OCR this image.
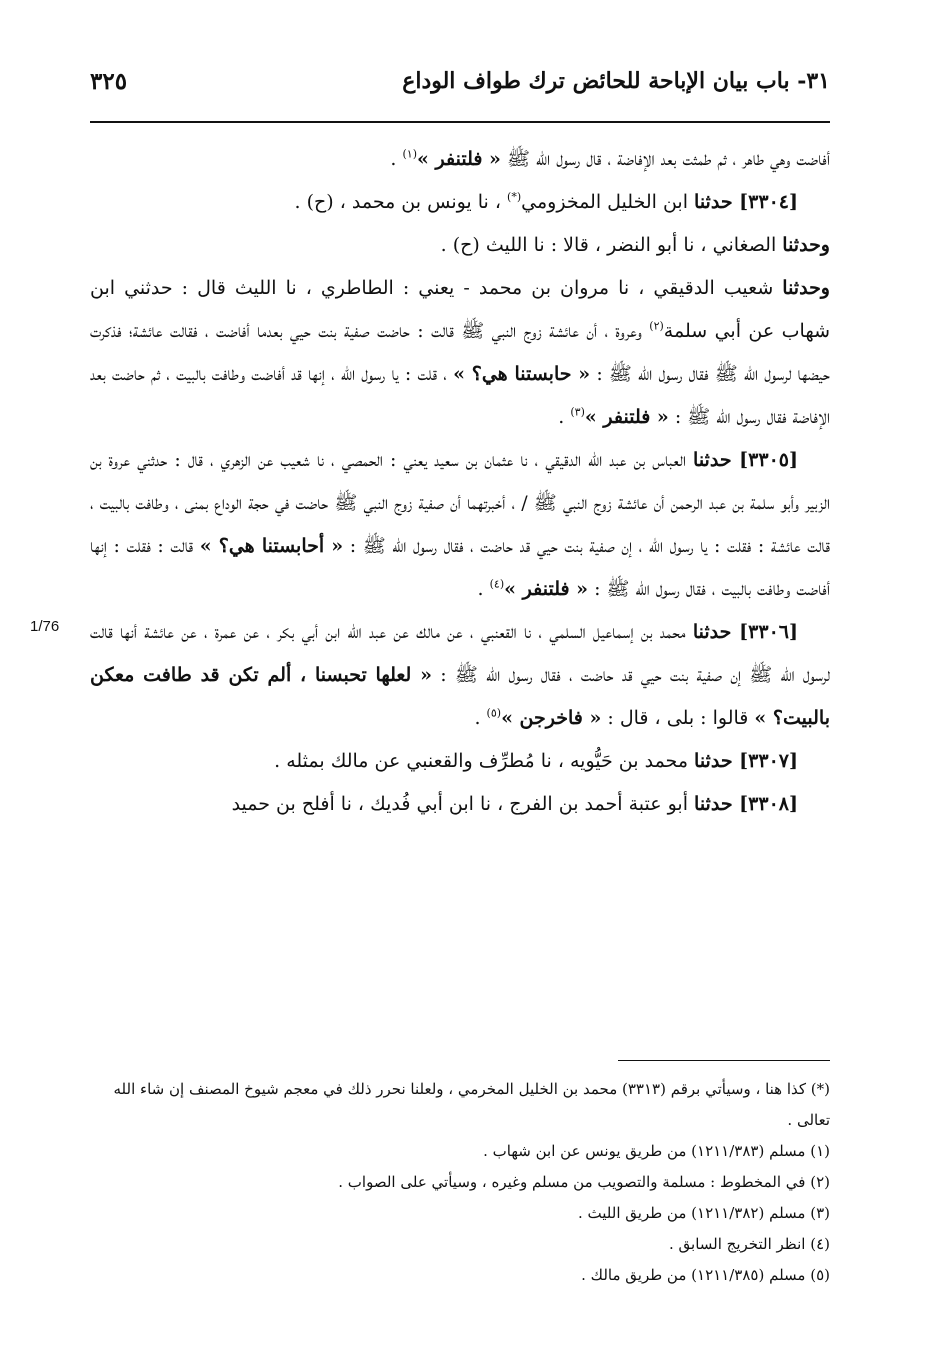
٣١- باب بيان الإباحة للحائض ترك طواف الوداع
٣٢٥
1/76

أفاضت وهي طاهر ، ثم طمثت بعد الإفاضة ، قال رسول الله ﷺ « فلتنفر »$^{(١)}$ .

[٣٣٠٤] حدثنا ابن الخليل المخزومي(*) ، نا يونس بن محمد ، (ح) .

وحدثنا الصغاني ، نا أبو النضر ، قالا : نا الليث (ح) .

وحدثنا شعيب الدقيقي ، نا مروان بن محمد - يعني : الطاطري ، نا الليث قال : حدثني ابن شهاب عن أبي سلمة$^{(٢)}$ وعروة ، أن عائشة زوج النبي ﷺ قالت : حاضت صفية بنت حيي بعدما أفاضت ، فقالت عائشة؛ فذكرت حيضها لرسول الله ﷺ فقال رسول الله ﷺ : « حابستنا هي؟ » ، قلت : يا رسول الله ، إنها قد أفاضت وطافت بالبيت ، ثم حاضت بعد الإفاضة فقال رسول الله ﷺ : « فلتنفر »$^{(٣)}$ .

[٣٣٠٥] حدثنا العباس بن عبد الله الدقيقي ، نا عثمان بن سعيد يعني : الحمصي ، نا شعيب عن الزهري ، قال : حدثني عروة بن الزبير وأبو سلمة بن عبد الرحمن أن عائشة زوج النبي ﷺ / ، أخبرتهما أن صفية زوج النبي ﷺ حاضت في حجة الوداع بمنى ، وطافت بالبيت ، قالت عائشة : فقلت : يا رسول الله ، إن صفية بنت حيي قد حاضت ، فقال رسول الله ﷺ : « أحابستنا هي؟ » قالت : فقلت : إنها أفاضت وطافت بالبيت ، فقال رسول الله ﷺ : « فلتنفر »$^{(٤)}$ .

[٣٣٠٦] حدثنا محمد بن إسماعيل السلمي ، نا القعنبي ، عن مالك عن عبد الله ابن أبي بكر ، عن عمرة ، عن عائشة أنها قالت لرسول الله ﷺ إن صفية بنت حيي قد حاضت ، فقال رسول الله ﷺ : « لعلها تحبسنا ، ألم تكن قد طافت معكن بالبيت؟ » قالوا : بلى ، قال : « فاخرجن »$^{(٥)}$ .

[٣٣٠٧] حدثنا محمد بن حَيُّويه ، نا مُطرِّف والقعنبي عن مالك بمثله .

[٣٣٠٨] حدثنا أبو عتبة أحمد بن الفرج ، نا ابن أبي فُديك ، نا أفلح بن حميد

(*) كذا هنا ، وسيأتي برقم (٣٣١٣) محمد بن الخليل المخرمي ، ولعلنا نحرر ذلك في معجم شيوخ المصنف إن شاء الله تعالى .

(١) مسلم (١٢١١/٣٨٣) من طريق يونس عن ابن شهاب .

(٢) في المخطوط : مسلمة والتصويب من مسلم وغيره ، وسيأتي على الصواب .

(٣) مسلم (١٢١١/٣٨٢) من طريق الليث .

(٤) انظر التخريج السابق .

(٥) مسلم (١٢١١/٣٨٥) من طريق مالك .
